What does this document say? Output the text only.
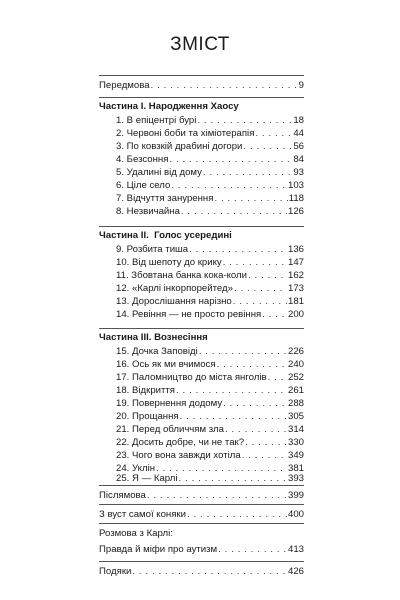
ЗМІСТ
Передмова . . .	9
Частина I. Народження Хаосу
1. В епіцентрі бурі . . .	18
2. Червоні боби та хіміотерапія . . .	44
3. По ковзкій драбині догори . . .	56
4. Безсоння . . .	84
5. Удалині від дому . . .	93
6. Ціле село . . .	103
7. Відчуття занурення . . .	118
8. Незвичайна . . .	126
Частина II.  Голос усередині
9. Розбита тиша . . .	136
10. Від шепоту до крику . . .	147
11. Збовтана банка кока-коли . . .	162
12. «Карлі інкорпорейтед» . . .	173
13. Дорослішання нарізно . . .	181
14. Ревіння — не просто ревіння . . .	200
Частина III. Вознесіння
15. Дочка Заповіді . . .	226
16. Ось як ми вчимося . . .	240
17. Паломництво до міста янголів . . . 252
18. Відкриття . . .	261
19. Повернення додому . . .	288
20. Прощання . . .	305
21. Перед обличчям зла . . .	314
22. Досить добре, чи не так? . . .	330
23. Чого вона завжди хотіла . . .	349
24. Уклін . . .	381
25. Я — Карлі . . .	393
Післямова . . .	399
З вуст самої коняки . . .	400
Розмова з Карлі:
Правда й міфи про аутизм . . .	413
Подяки . . .	426
